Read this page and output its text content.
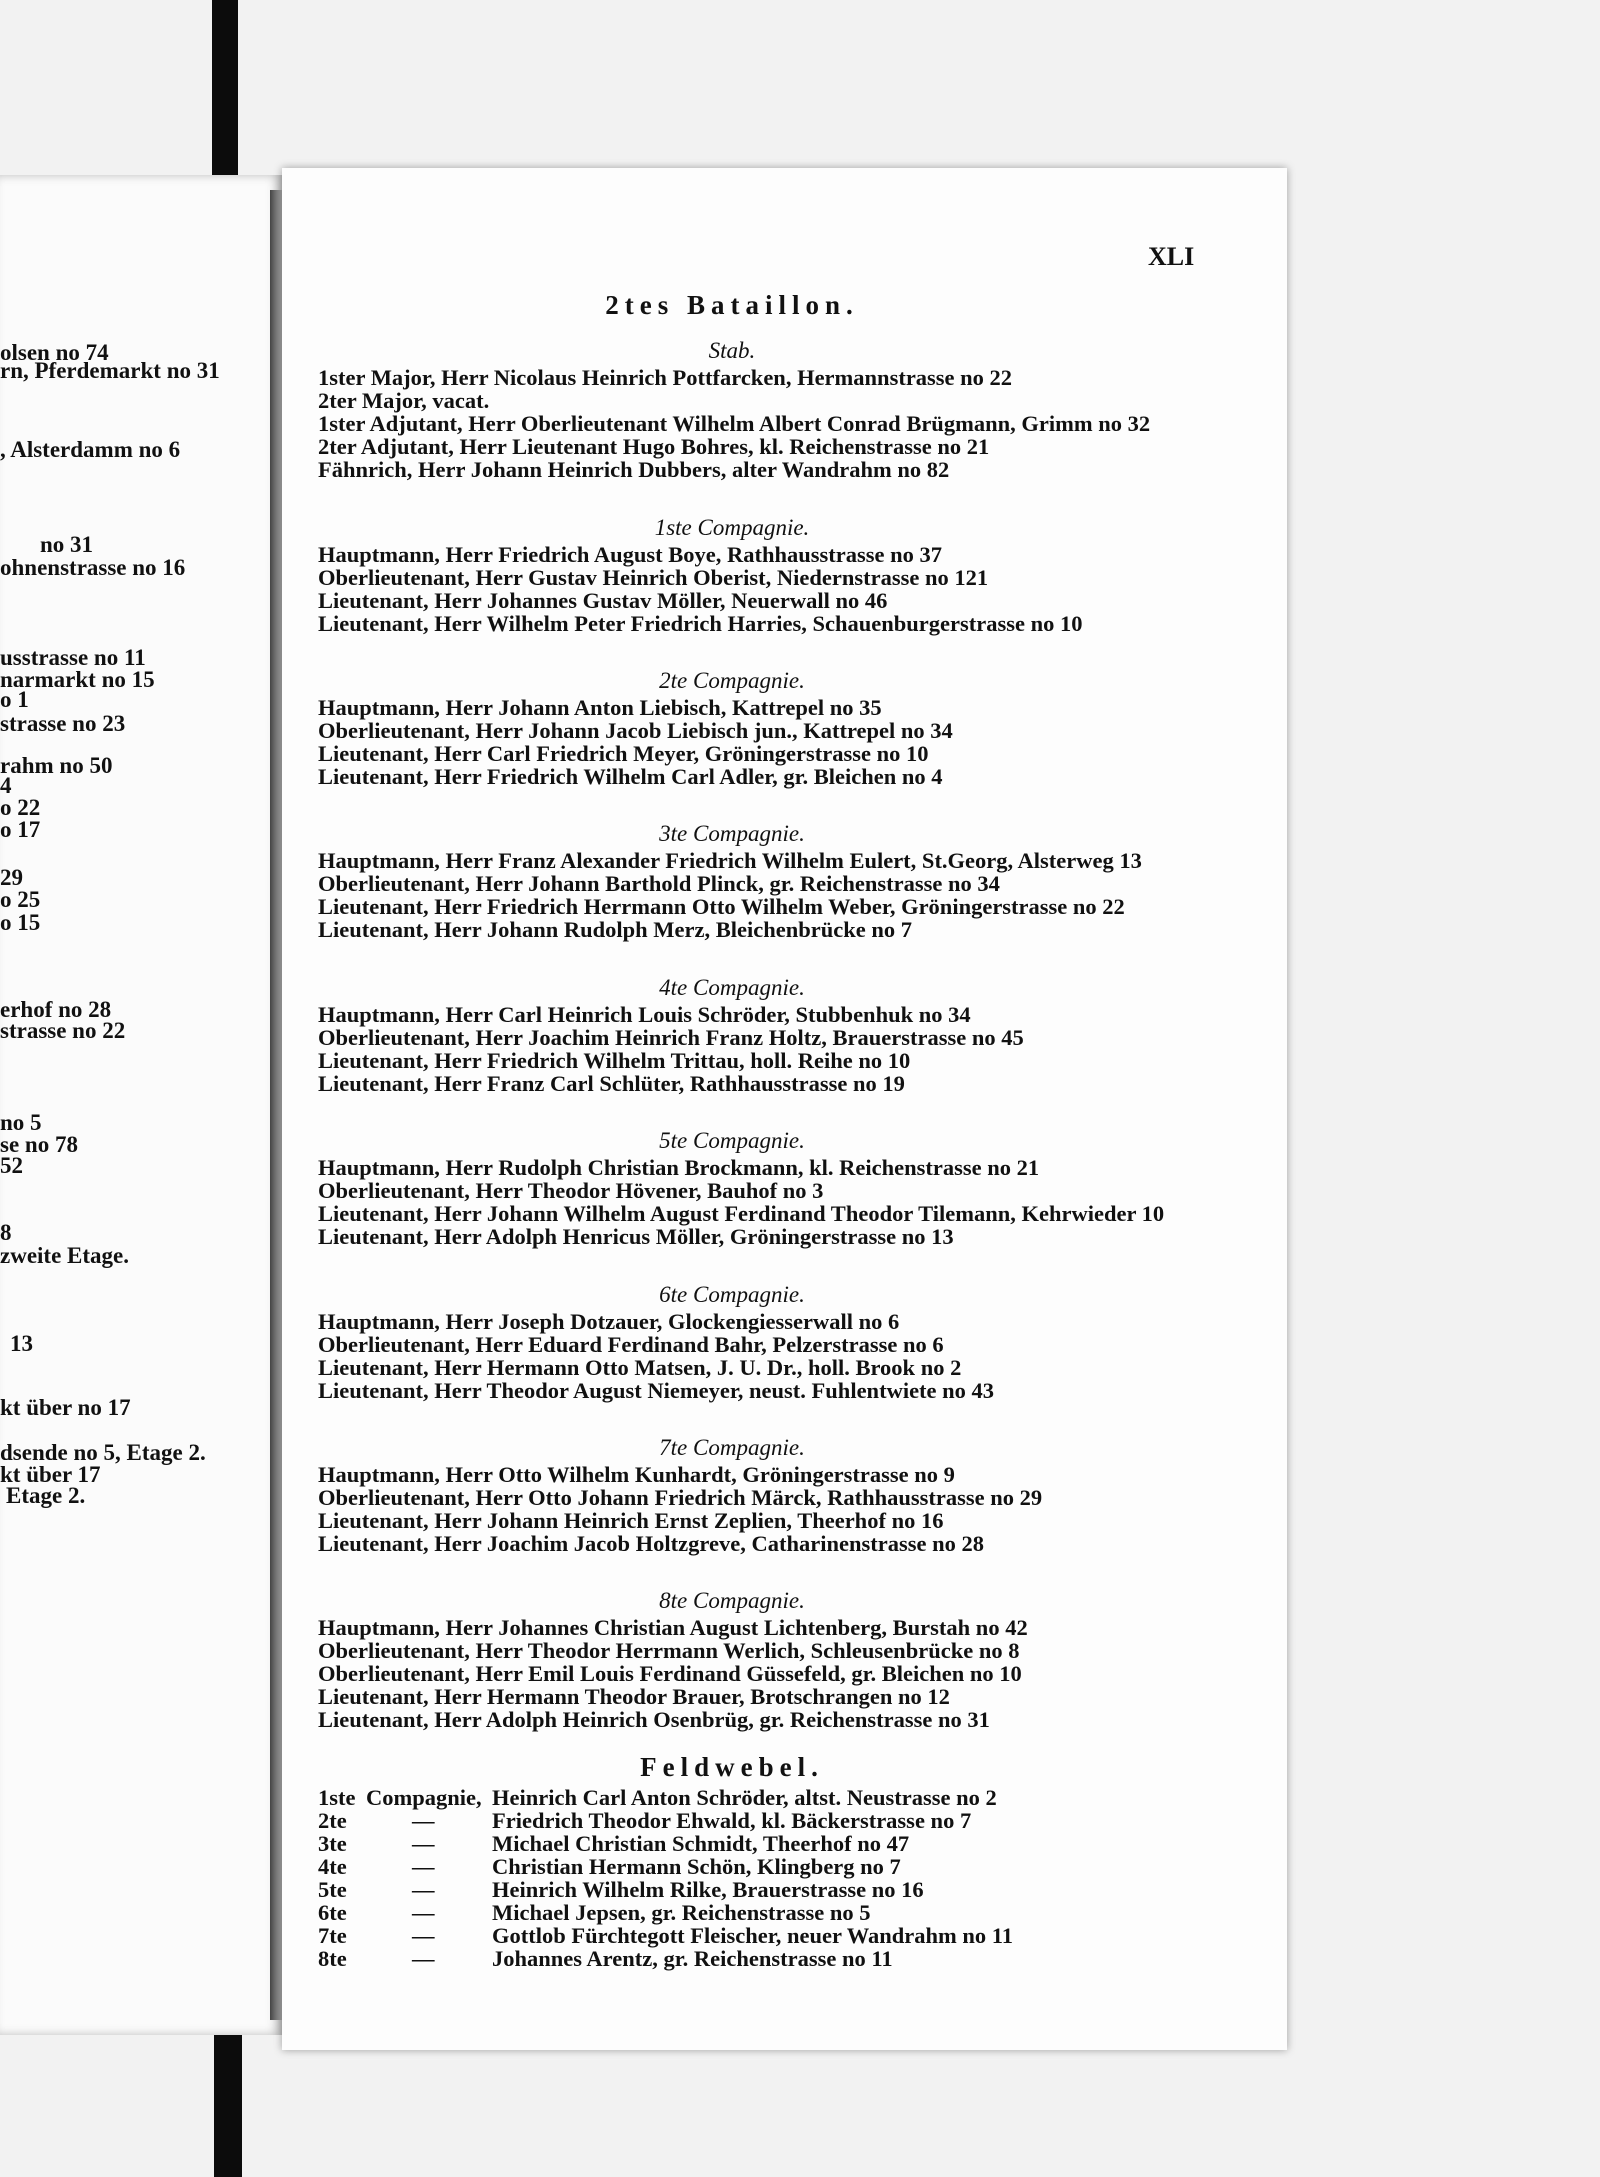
olsen no 74
rn, Pferdemarkt no 31
, Alsterdamm no 6
no 31
ohnenstrasse no 16
usstrasse no 11
narmarkt no 15
o 1
strasse no 23
rahm no 50
4
o 22
o 17
29
o 25
o 15
erhof no 28
strasse no 22
no 5
se no 78
52
8
zweite Etage.
13
kt über no 17
dsende no 5, Etage 2.
kt über 17
Etage 2.
XLI
2tes Bataillon.
Stab.
1ster Major, Herr Nicolaus Heinrich Pottfarcken, Hermannstrasse no 22
2ter Major, vacat.
1ster Adjutant, Herr Oberlieutenant Wilhelm Albert Conrad Brügmann, Grimm no 32
2ter Adjutant, Herr Lieutenant Hugo Bohres, kl. Reichenstrasse no 21
Fähnrich, Herr Johann Heinrich Dubbers, alter Wandrahm no 82
1ste Compagnie.
Hauptmann, Herr Friedrich August Boye, Rathhausstrasse no 37
Oberlieutenant, Herr Gustav Heinrich Oberist, Niedernstrasse no 121
Lieutenant, Herr Johannes Gustav Möller, Neuerwall no 46
Lieutenant, Herr Wilhelm Peter Friedrich Harries, Schauenburgerstrasse no 10
2te Compagnie.
Hauptmann, Herr Johann Anton Liebisch, Kattrepel no 35
Oberlieutenant, Herr Johann Jacob Liebisch jun., Kattrepel no 34
Lieutenant, Herr Carl Friedrich Meyer, Gröningerstrasse no 10
Lieutenant, Herr Friedrich Wilhelm Carl Adler, gr. Bleichen no 4
3te Compagnie.
Hauptmann, Herr Franz Alexander Friedrich Wilhelm Eulert, St.Georg, Alsterweg 13
Oberlieutenant, Herr Johann Barthold Plinck, gr. Reichenstrasse no 34
Lieutenant, Herr Friedrich Herrmann Otto Wilhelm Weber, Gröningerstrasse no 22
Lieutenant, Herr Johann Rudolph Merz, Bleichenbrücke no 7
4te Compagnie.
Hauptmann, Herr Carl Heinrich Louis Schröder, Stubbenhuk no 34
Oberlieutenant, Herr Joachim Heinrich Franz Holtz, Brauerstrasse no 45
Lieutenant, Herr Friedrich Wilhelm Trittau, holl. Reihe no 10
Lieutenant, Herr Franz Carl Schlüter, Rathhausstrasse no 19
5te Compagnie.
Hauptmann, Herr Rudolph Christian Brockmann, kl. Reichenstrasse no 21
Oberlieutenant, Herr Theodor Hövener, Bauhof no 3
Lieutenant, Herr Johann Wilhelm August Ferdinand Theodor Tilemann, Kehrwieder 10
Lieutenant, Herr Adolph Henricus Möller, Gröningerstrasse no 13
6te Compagnie.
Hauptmann, Herr Joseph Dotzauer, Glockengiesserwall no 6
Oberlieutenant, Herr Eduard Ferdinand Bahr, Pelzerstrasse no 6
Lieutenant, Herr Hermann Otto Matsen, J. U. Dr., holl. Brook no 2
Lieutenant, Herr Theodor August Niemeyer, neust. Fuhlentwiete no 43
7te Compagnie.
Hauptmann, Herr Otto Wilhelm Kunhardt, Gröningerstrasse no 9
Oberlieutenant, Herr Otto Johann Friedrich Märck, Rathhausstrasse no 29
Lieutenant, Herr Johann Heinrich Ernst Zeplien, Theerhof no 16
Lieutenant, Herr Joachim Jacob Holtzgreve, Catharinenstrasse no 28
8te Compagnie.
Hauptmann, Herr Johannes Christian August Lichtenberg, Burstah no 42
Oberlieutenant, Herr Theodor Herrmann Werlich, Schleusenbrücke no 8
Oberlieutenant, Herr Emil Louis Ferdinand Güssefeld, gr. Bleichen no 10
Lieutenant, Herr Hermann Theodor Brauer, Brotschrangen no 12
Lieutenant, Herr Adolph Heinrich Osenbrüg, gr. Reichenstrasse no 31
Feldwebel.
1ste Compagnie, Heinrich Carl Anton Schröder, altst. Neustrasse no 2
2te	—	Friedrich Theodor Ehwald, kl. Bäckerstrasse no 7
3te	—	Michael Christian Schmidt, Theerhof no 47
4te	—	Christian Hermann Schön, Klingberg no 7
5te	—	Heinrich Wilhelm Rilke, Brauerstrasse no 16
6te	—	Michael Jepsen, gr. Reichenstrasse no 5
7te	—	Gottlob Fürchtegott Fleischer, neuer Wandrahm no 11
8te	—	Johannes Arentz, gr. Reichenstrasse no 11
